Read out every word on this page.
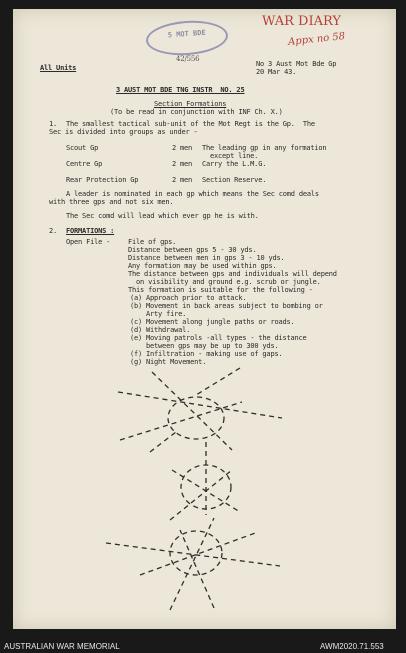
5 MOT BDE
42/556
WAR DIARY
Appx no 58
All Units	No 3 Aust Mot Bde Gp
20 Mar 43.
3 AUST MOT BDE TNG INSTR  NO. 25
Section Formations
(To be read in conjunction with INF Ch. X.)
1. The smallest tactical sub-unit of the Mot Regt is the Gp.  The
Sec is divided into groups as under -
Scout Gp	2 men The leading gp in any formation
except line.
Centre Gp	2 men Carry the L.M.G.
Rear Protection Gp	2 men Section Reserve.
A leader is nominated in each gp which means the Sec comd deals
with three gps and not six men.
The Sec comd will lead which ever gp he is with.
2. FORMATIONS :
Open File -	File of gps.
Distance between gps 5 - 30 yds.
Distance between men in gps 3 - 10 yds.
Any formation may be used within gps.
The distance between gps and individuals will depend
on visibility and ground e.g. scrub or jungle.
This formation is suitable for the following -
(a) Approach prior to attack.
(b) Movement in back areas subject to bombing or
Arty fire.
(c) Movement along jungle paths or roads.
(d) Withdrawal.
(e) Moving patrols -all types - the distance
between gps may be up to 300 yds.
(f) Infiltration - making use of gaps.
(g) Night Movement.
AUSTRALIAN WAR MEMORIAL	AWM2020.71.553
